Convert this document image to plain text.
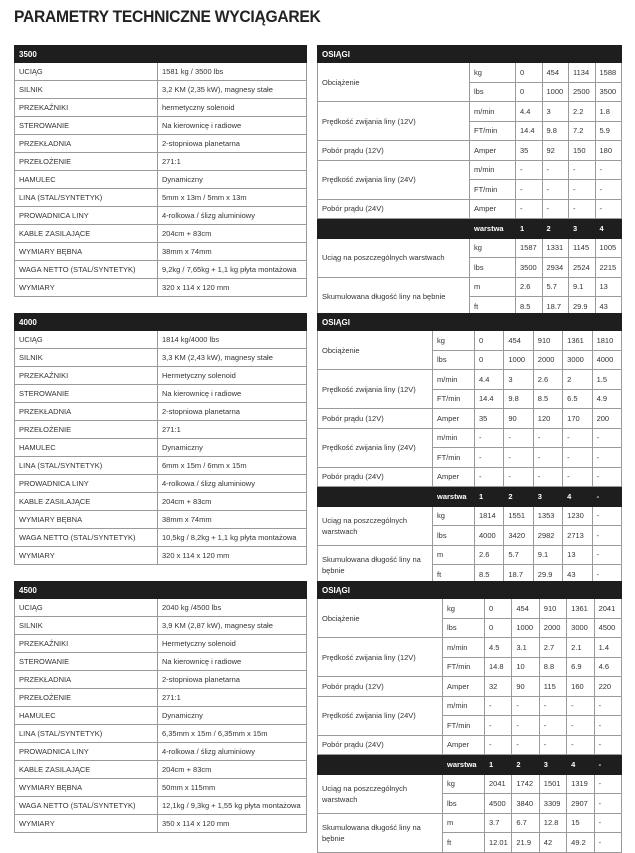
PARAMETRY TECHNICZNE WYCIĄGAREK
3500	
UCIĄG	1581 kg / 3500 lbs
SILNIK	3,2 KM (2,35 kW), magnesy stałe
PRZEKAŹNIKI	hermetyczny solenoid
STEROWANIE	Na kierownicę i radiowe
PRZEKŁADNIA	2-stopniowa planetarna
PRZEŁOŻENIE	271:1
HAMULEC	Dynamiczny
LINA (STAL/SYNTETYK)	5mm x 13m / 5mm x 13m
PROWADNICA LINY	4-rolkowa / ślizg aluminiowy
KABLE ZASILAJĄCE	204cm + 83cm
WYMIARY BĘBNA	38mm x 74mm
WAGA NETTO (STAL/SYNTETYK)	9,2kg / 7,65kg + 1,1 kg płyta montażowa
WYMIARY	320 x 114 x 120 mm
OSIĄGI					
Obciążenie	kg	0	454	1134	1588
	lbs	0	1000	2500	3500
Prędkość zwijania liny (12V)	m/min	4.4	3	2.2	1.8
	FT/min	14.4	9.8	7.2	5.9
Pobór prądu (12V)	Amper	35	92	150	180
Prędkość zwijania liny (24V)	m/min	-	-	-	-
	FT/min	-	-	-	-
Pobór prądu (24V)	Amper	-	-	-	-
	warstwa	1	2	3	4
Uciąg na poszczególnych warstwach	kg	1587	1331	1145	1005
	lbs	3500	2934	2524	2215
Skumulowana długość liny na bębnie	m	2.6	5.7	9.1	13
	ft	8.5	18.7	29.9	43
4000	
UCIĄG	1814 kg/4000 lbs
SILNIK	3,3 KM (2,43 kW), magnesy stałe
PRZEKAŹNIKI	Hermetyczny solenoid
STEROWANIE	Na kierownicę i radiowe
PRZEKŁADNIA	2-stopniowa planetarna
PRZEŁOŻENIE	271:1
HAMULEC	Dynamiczny
LINA (STAL/SYNTETYK)	6mm x 15m / 6mm x 15m
PROWADNICA LINY	4-rolkowa / ślizg aluminiowy
KABLE ZASILAJĄCE	204cm + 83cm
WYMIARY BĘBNA	38mm x 74mm
WAGA NETTO (STAL/SYNTETYK)	10,5kg / 8,2kg + 1,1 kg płyta montażowa
WYMIARY	320 x 114 x 120 mm
OSIĄGI						
Obciążenie	kg	0	454	910	1361	1810
	lbs	0	1000	2000	3000	4000
Prędkość zwijania liny (12V)	m/min	4.4	3	2.6	2	1.5
	FT/min	14.4	9.8	8.5	6.5	4.9
Pobór prądu (12V)	Amper	35	90	120	170	200
Prędkość zwijania liny (24V)	m/min	-	-	-	-	-
	FT/min	-	-	-	-	-
Pobór prądu (24V)	Amper	-	-	-	-	-
	warstwa	1	2	3	4	-
Uciąg na poszczególnych warstwach	kg	1814	1551	1353	1230	-
	lbs	4000	3420	2982	2713	-
Skumulowana długość liny na bębnie	m	2.6	5.7	9.1	13	-
	ft	8.5	18.7	29.9	43	-
4500	
UCIĄG	2040 kg /4500 lbs
SILNIK	3,9 KM (2,87 kW), magnesy stałe
PRZEKAŹNIKI	Hermetyczny solenoid
STEROWANIE	Na kierownicę i radiowe
PRZEKŁADNIA	2-stopniowa planetarna
PRZEŁOŻENIE	271:1
HAMULEC	Dynamiczny
LINA (STAL/SYNTETYK)	6,35mm x 15m / 6,35mm x 15m
PROWADNICA LINY	4-rolkowa / ślizg aluminiowy
KABLE ZASILAJĄCE	204cm + 83cm
WYMIARY BĘBNA	50mm x 115mm
WAGA NETTO (STAL/SYNTETYK)	12,1kg / 9,3kg + 1,55 kg płyta montażowa
WYMIARY	350 x 114 x 120 mm
OSIĄGI						
Obciążenie	kg	0	454	910	1361	2041
	lbs	0	1000	2000	3000	4500
Prędkość zwijania liny (12V)	m/min	4.5	3.1	2.7	2.1	1.4
	FT/min	14.8	10	8.8	6.9	4.6
Pobór prądu (12V)	Amper	32	90	115	160	220
Prędkość zwijania liny (24V)	m/min	-	-	-	-	-
	FT/min	-	-	-	-	-
Pobór prądu (24V)	Amper	-	-	-	-	-
	warstwa	1	2	3	4	-
Uciąg na poszczególnych warstwach	kg	2041	1742	1501	1319	-
	lbs	4500	3840	3309	2907	-
Skumulowana długość liny na bębnie	m	3.7	6.7	12.8	15	-
	ft	12.01	21.9	42	49.2	-
